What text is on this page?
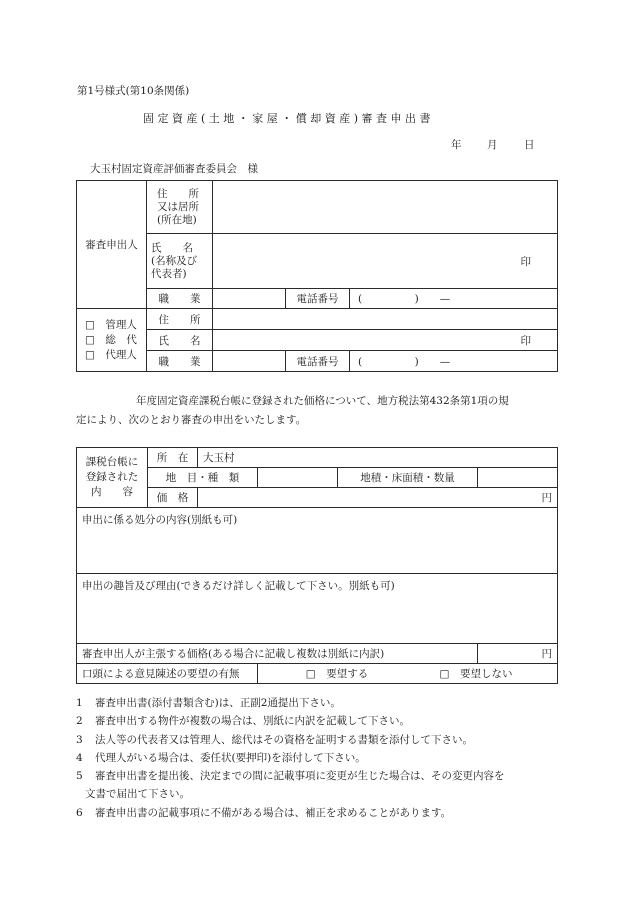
第1号様式(第10条関係)
固 定 資 産 ( 土 地 ・ 家 屋 ・ 償 却 資 産 ) 審 査 申 出 書
年 月	日
大玉村固定資産評価審査委員会　様
審査申出人	住　　所
又は居所
(所在地)			

	氏　　名
(名称及び
代表者)	印		
	職　　業		電話番号	(　　　　　)　　—

□　管理人
□　総　代
□　代理人	住　　所			
	氏　　名	印		
	職　　業		電話番号	(　　　　　)　　—
年度固定資産課税台帳に登録された価格について、地方税法第432条第1項の規
定により、次のとおり審査の申出をいたします。
課税台帳に
登録された
内　　容	所　在	大玉村			
	地　目・種　類			地積・床面積・数量	
	価　格	円			
申出に係る処分の内容(別紙も可)					
申出の趣旨及び理由(できるだけ詳しく記載して下さい。別紙も可)					
審査申出人が主張する価格(ある場合に記載し複数は別紙に内訳)					円
口頭による意見陳述の要望の有無			□　要望する □　要望しない		
1 審査申出書(添付書類含む)は、正副2通提出下さい。
2 審査申出する物件が複数の場合は、別紙に内訳を記載して下さい。
3 法人等の代表者又は管理人、総代はその資格を証明する書類を添付して下さい。
4 代理人がいる場合は、委任状(要押印)を添付して下さい。
5 審査申出書を提出後、決定までの間に記載事項に変更が生じた場合は、その変更内容を
文書で届出て下さい。
6 審査申出書の記載事項に不備がある場合は、補正を求めることがあります。
